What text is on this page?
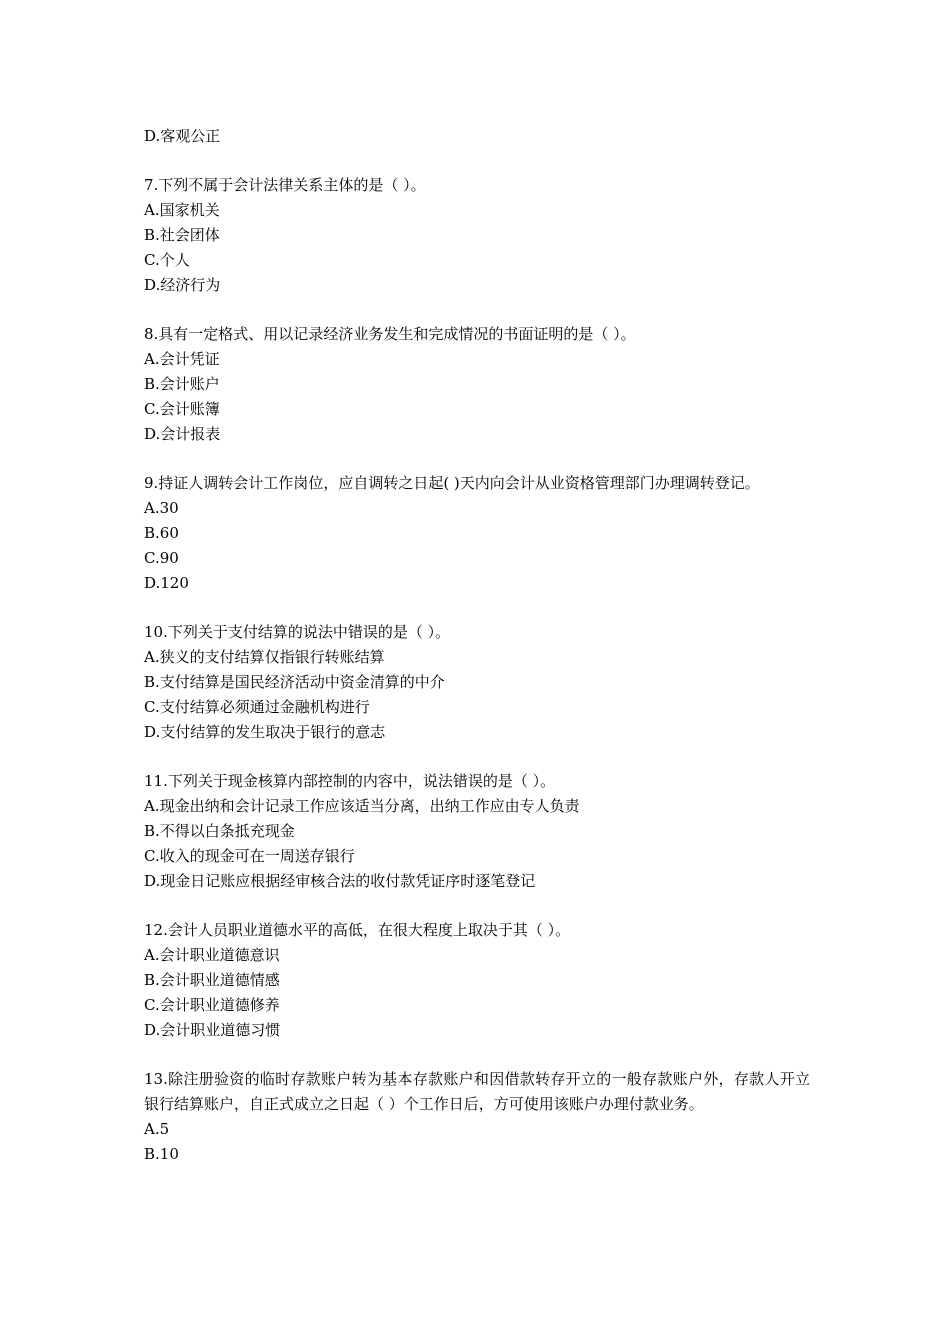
D.客观公正
7.下列不属于会计法律关系主体的是（ ）。
A.国家机关
B.社会团体
C.个人
D.经济行为
8.具有一定格式、用以记录经济业务发生和完成情况的书面证明的是（ ）。
A.会计凭证
B.会计账户
C.会计账簿
D.会计报表
9.持证人调转会计工作岗位，应自调转之日起( )天内向会计从业资格管理部门办理调转登记。
A.30
B.60
C.90
D.120
10.下列关于支付结算的说法中错误的是（ ）。
A.狭义的支付结算仅指银行转账结算
B.支付结算是国民经济活动中资金清算的中介
C.支付结算必须通过金融机构进行
D.支付结算的发生取决于银行的意志
11.下列关于现金核算内部控制的内容中，说法错误的是（ ）。
A.现金出纳和会计记录工作应该适当分离，出纳工作应由专人负责
B.不得以白条抵充现金
C.收入的现金可在一周送存银行
D.现金日记账应根据经审核合法的收付款凭证序时逐笔登记
12.会计人员职业道德水平的高低，在很大程度上取决于其（ ）。
A.会计职业道德意识
B.会计职业道德情感
C.会计职业道德修养
D.会计职业道德习惯
13.除注册验资的临时存款账户转为基本存款账户和因借款转存开立的一般存款账户外，存款人开立银行结算账户，自正式成立之日起（ ）个工作日后，方可使用该账户办理付款业务。
A.5
B.10
